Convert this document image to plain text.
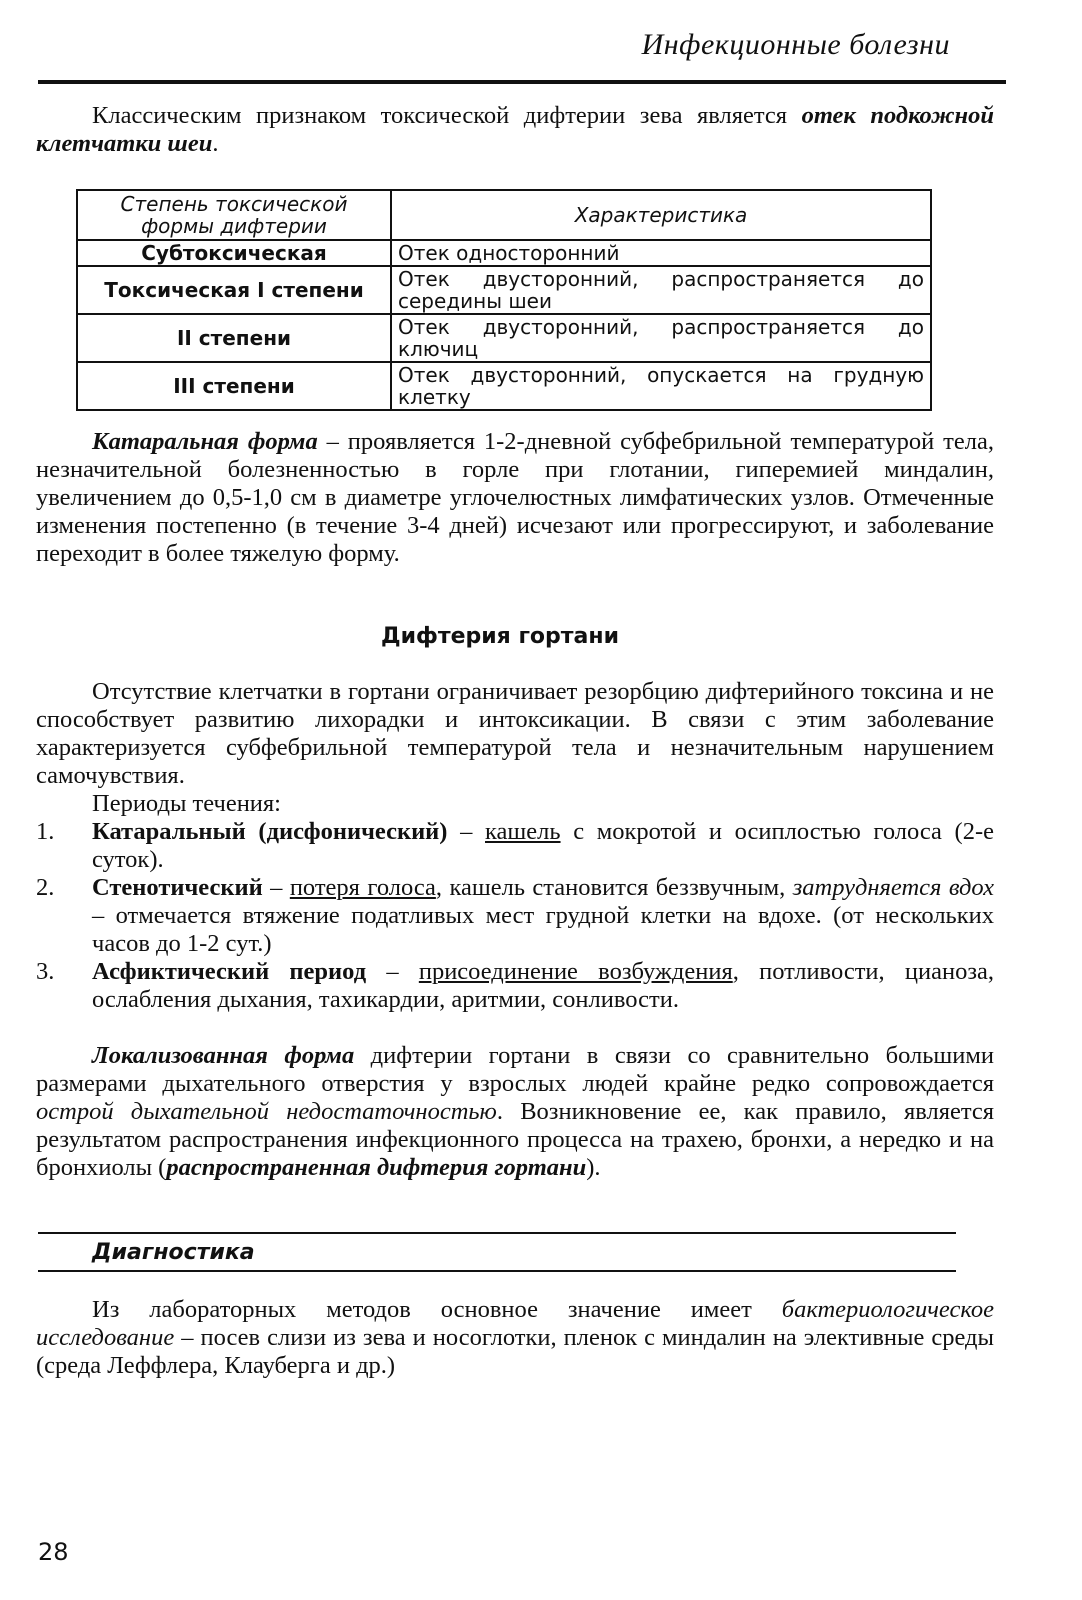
Инфекционные болезни

Классическим признаком токсической дифтерии зева является отек подкожной клетчатки шеи.

Степень токсической формы дифтерии	Характеристика
Субтоксическая	Отек односторонний
Токсическая I степени	Отек двусторонний, распространяется до середины шеи
II степени	Отек двусторонний, распространяется до ключиц
III степени	Отек двусторонний, опускается на грудную клетку

Катаральная форма – проявляется 1-2-дневной субфебрильной температурой тела, незначительной болезненностью в горле при глотании, гиперемией миндалин, увеличением до 0,5-1,0 см в диаметре углочелюстных лимфатических узлов. Отмеченные изменения постепенно (в течение 3-4 дней) исчезают или прогрессируют, и заболевание переходит в более тяжелую форму.

Дифтерия гортани

Отсутствие клетчатки в гортани ограничивает резорбцию дифтерийного токсина и не способствует развитию лихорадки и интоксикации. В связи с этим заболевание характеризуется субфебрильной температурой тела и незначительным нарушением самочувствия.

Периоды течения:

1.	Катаральный (дисфонический) – кашель с мокротой и осиплостью голоса (2-е суток).
2.	Стенотический – потеря голоса, кашель становится беззвучным, затрудняется вдох – отмечается втяжение податливых мест грудной клетки на вдохе. (от нескольких часов до 1-2 сут.)
3.	Асфиктический период – присоединение возбуждения, потливости, цианоза, ослабления дыхания, тахикардии, аритмии, сонливости.

Локализованная форма дифтерии гортани в связи со сравнительно большими размерами дыхательного отверстия у взрослых людей крайне редко сопровождается острой дыхательной недостаточностью. Возникновение ее, как правило, является результатом распространения инфекционного процесса на трахею, бронхи, а нередко и на бронхиолы (распространенная дифтерия гортани).

Диагностика

Из лабораторных методов основное значение имеет бактериологическое исследование – посев слизи из зева и носоглотки, пленок с миндалин на элективные среды (среда Леффлера, Клауберга и др.)

28
